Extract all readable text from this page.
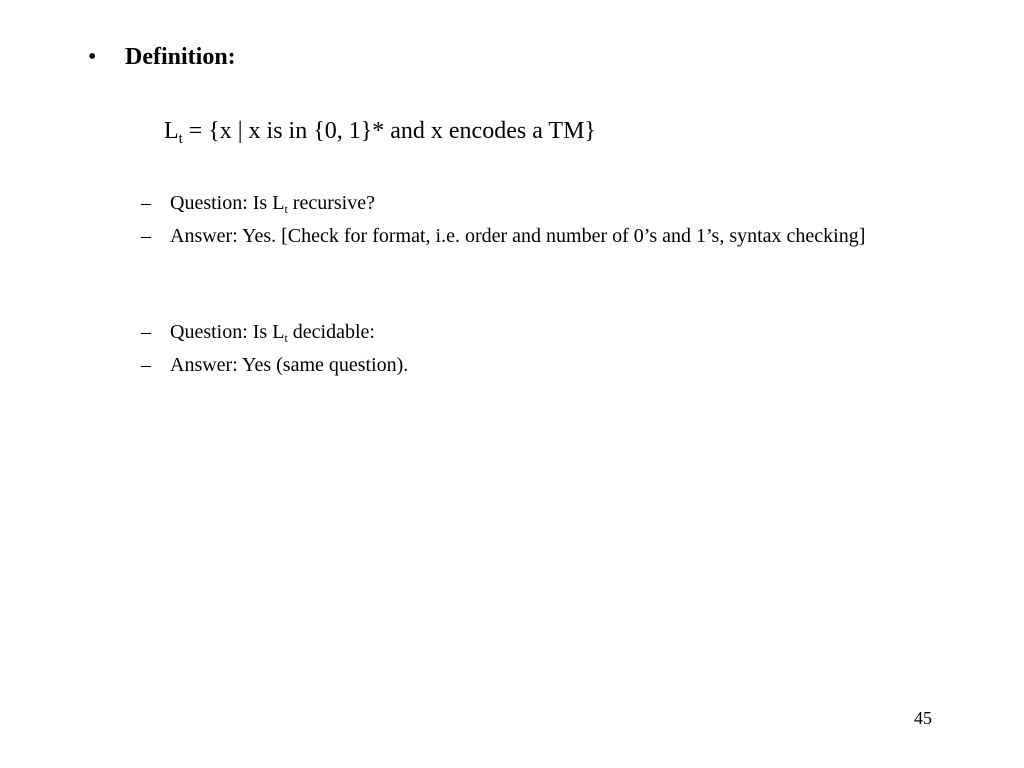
• Definition:
$L_t = \{x$ | x is in {0, 1}* and x encodes a TM}
– Question: Is $L_t$ recursive?
– Answer: Yes. [Check for format, i.e. order and number of 0’s and 1’s, syntax checking]
– Question: Is $L_t$ decidable:
– Answer: Yes (same question).
45
